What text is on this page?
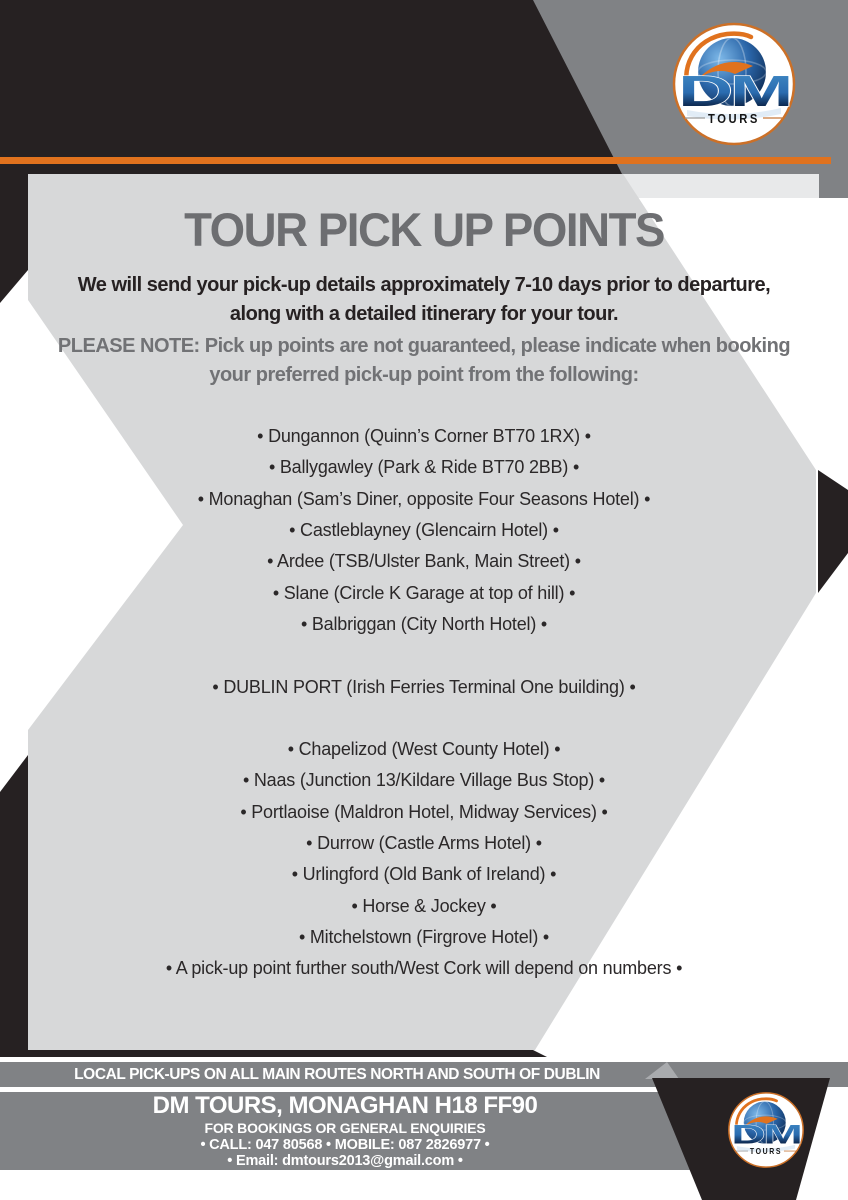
DM
TOURS
TOUR PICK UP POINTS
We will send your pick-up details approximately 7-10 days prior to departure,
along with a detailed itinerary for your tour.
PLEASE NOTE: Pick up points are not guaranteed, please indicate when booking
your preferred pick-up point from the following:
• Dungannon (Quinn’s Corner BT70 1RX) •
• Ballygawley (Park & Ride BT70 2BB) •
• Monaghan (Sam’s Diner, opposite Four Seasons Hotel) •
• Castleblayney (Glencairn Hotel) •
• Ardee (TSB/Ulster Bank, Main Street) •
• Slane (Circle K Garage at top of hill) •
• Balbriggan (City North Hotel) •
• DUBLIN PORT (Irish Ferries Terminal One building) •
• Chapelizod (West County Hotel) •
• Naas (Junction 13/Kildare Village Bus Stop) •
• Portlaoise (Maldron Hotel, Midway Services) •
• Durrow (Castle Arms Hotel) •
• Urlingford (Old Bank of Ireland) •
• Horse & Jockey •
• Mitchelstown (Firgrove Hotel) •
• A pick-up point further south/West Cork will depend on numbers •
LOCAL PICK-UPS ON ALL MAIN ROUTES NORTH AND SOUTH OF DUBLIN
DM TOURS, MONAGHAN H18 FF90
FOR BOOKINGS OR GENERAL ENQUIRIES
• CALL: 047 80568 • MOBILE: 087 2826977 •
• Email: dmtours2013@gmail.com •
DM
TOURS
